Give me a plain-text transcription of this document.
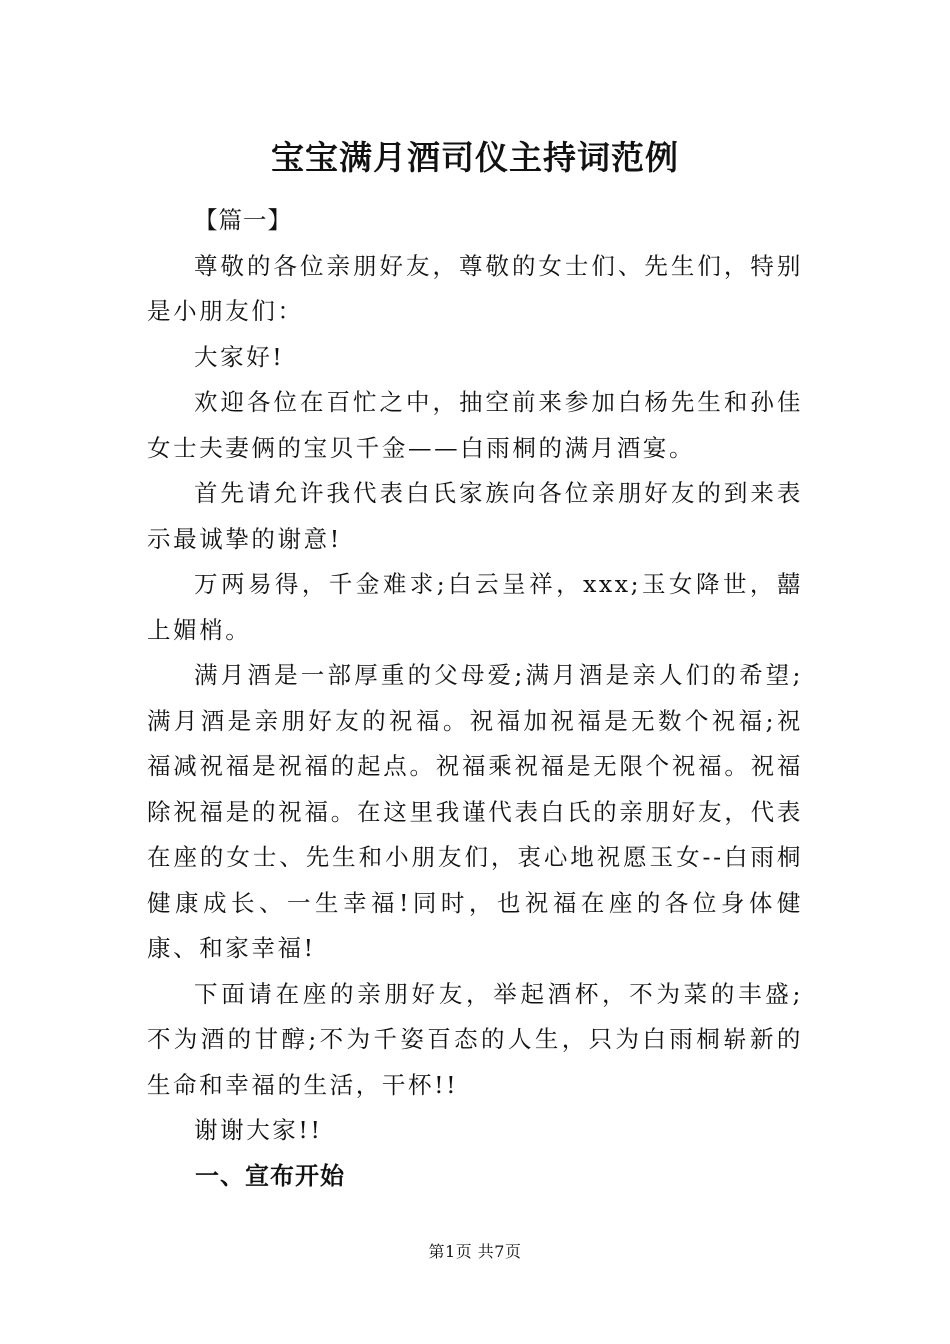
宝宝满月酒司仪主持词范例

【篇一】

尊敬的各位亲朋好友，尊敬的女士们、先生们，特别是小朋友们：

大家好!

欢迎各位在百忙之中，抽空前来参加白杨先生和孙佳女士夫妻俩的宝贝千金——白雨桐的满月酒宴。

首先请允许我代表白氏家族向各位亲朋好友的到来表示最诚挚的谢意!

万两易得，千金难求;白云呈祥，xxx;玉女降世，囍上媚梢。

满月酒是一部厚重的父母爱;满月酒是亲人们的希望;满月酒是亲朋好友的祝福。祝福加祝福是无数个祝福;祝福减祝福是祝福的起点。祝福乘祝福是无限个祝福。祝福除祝福是的祝福。在这里我谨代表白氏的亲朋好友，代表在座的女士、先生和小朋友们，衷心地祝愿玉女--白雨桐健康成长、一生幸福!同时，也祝福在座的各位身体健康、和家幸福!

下面请在座的亲朋好友，举起酒杯，不为菜的丰盛;不为酒的甘醇;不为千姿百态的人生，只为白雨桐崭新的生命和幸福的生活，干杯!!

谢谢大家!!

一、宣布开始

第1页 共7页
